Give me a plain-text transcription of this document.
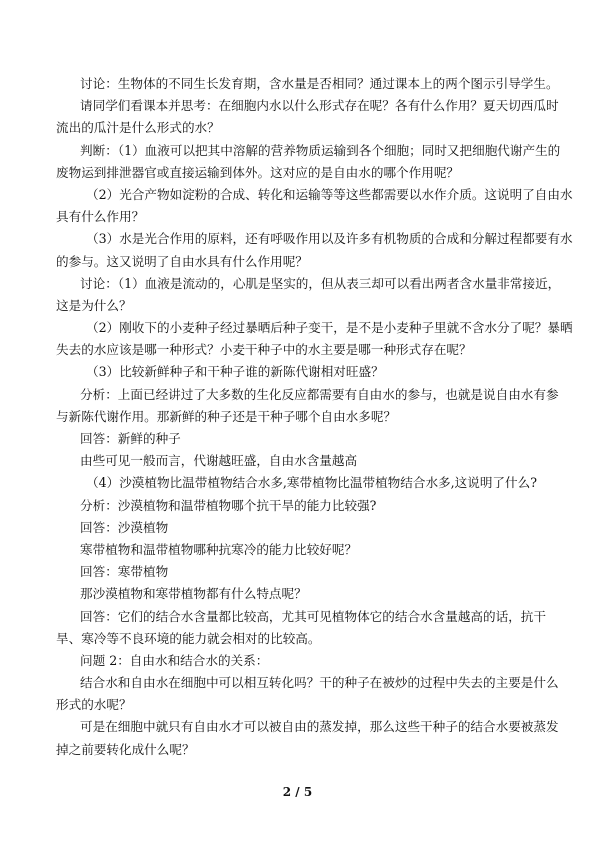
讨论：生物体的不同生长发育期，含水量是否相同？通过课本上的两个图示引导学生。
请同学们看课本并思考：在细胞内水以什么形式存在呢？各有什么作用？夏天切西瓜时
流出的瓜汁是什么形式的水？
判断：（1）血液可以把其中溶解的营养物质运输到各个细胞；同时又把细胞代谢产生的
废物运到排泄器官或直接运输到体外。这对应的是自由水的哪个作用呢？
（2）光合产物如淀粉的合成、转化和运输等等这些都需要以水作介质。这说明了自由水
具有什么作用？
（3）水是光合作用的原料，还有呼吸作用以及许多有机物质的合成和分解过程都要有水
的参与。这又说明了自由水具有什么作用呢？
讨论：（1）血液是流动的，心肌是坚实的，但从表三却可以看出两者含水量非常接近，
这是为什么？
（2）刚收下的小麦种子经过暴晒后种子变干，是不是小麦种子里就不含水分了呢？暴晒
失去的水应该是哪一种形式？小麦干种子中的水主要是哪一种形式存在呢？
（3）比较新鲜种子和干种子谁的新陈代谢相对旺盛？
分析：上面已经讲过了大多数的生化反应都需要有自由水的参与，也就是说自由水有参
与新陈代谢作用。那新鲜的种子还是干种子哪个自由水多呢？
回答：新鲜的种子
由些可见一般而言，代谢越旺盛，自由水含量越高
（4）沙漠植物比温带植物结合水多,寒带植物比温带植物结合水多,这说明了什么?
分析：沙漠植物和温带植物哪个抗干旱的能力比较强?
回答：沙漠植物
寒带植物和温带植物哪种抗寒冷的能力比较好呢？
回答：寒带植物
那沙漠植物和寒带植物都有什么特点呢？
回答：它们的结合水含量都比较高，尤其可见植物体它的结合水含量越高的话，抗干
旱、寒冷等不良环境的能力就会相对的比较高。
问题 2：自由水和结合水的关系：
结合水和自由水在细胞中可以相互转化吗？干的种子在被炒的过程中失去的主要是什么
形式的水呢？
可是在细胞中就只有自由水才可以被自由的蒸发掉，那么这些干种子的结合水要被蒸发
掉之前要转化成什么呢？
2 / 5
